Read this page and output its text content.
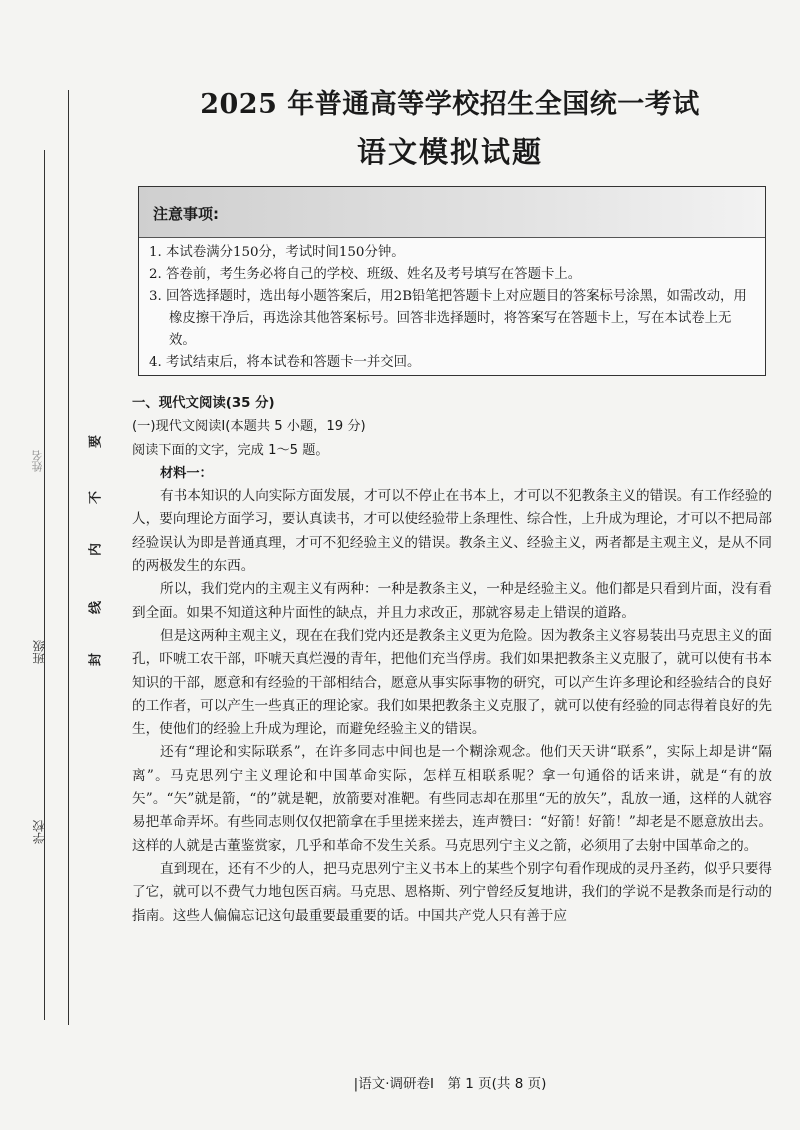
姓名
班级
学校
要
不
内
线
封
2025 年普通高等学校招生全国统一考试
语文模拟试题
注意事项:
1. 本试卷满分150分，考试时间150分钟。
2. 答卷前，考生务必将自己的学校、班级、姓名及考号填写在答题卡上。
3. 回答选择题时，选出每小题答案后，用2B铅笔把答题卡上对应题目的答案标号涂黑，如需改动，用橡皮擦干净后，再选涂其他答案标号。回答非选择题时，将答案写在答题卡上，写在本试卷上无效。
4. 考试结束后，将本试卷和答题卡一并交回。
一、现代文阅读(35 分)
(一)现代文阅读Ⅰ(本题共 5 小题，19 分)
阅读下面的文字，完成 1～5 题。
材料一：

有书本知识的人向实际方面发展，才可以不停止在书本上，才可以不犯教条主义的错误。有工作经验的人，要向理论方面学习，要认真读书，才可以使经验带上条理性、综合性，上升成为理论，才可以不把局部经验误认为即是普通真理，才可不犯经验主义的错误。教条主义、经验主义，两者都是主观主义，是从不同的两极发生的东西。

所以，我们党内的主观主义有两种：一种是教条主义，一种是经验主义。他们都是只看到片面，没有看到全面。如果不知道这种片面性的缺点，并且力求改正，那就容易走上错误的道路。

但是这两种主观主义，现在在我们党内还是教条主义更为危险。因为教条主义容易装出马克思主义的面孔，吓唬工农干部，吓唬天真烂漫的青年，把他们充当俘虏。我们如果把教条主义克服了，就可以使有书本知识的干部，愿意和有经验的干部相结合，愿意从事实际事物的研究，可以产生许多理论和经验结合的良好的工作者，可以产生一些真正的理论家。我们如果把教条主义克服了，就可以使有经验的同志得着良好的先生，使他们的经验上升成为理论，而避免经验主义的错误。

还有“理论和实际联系”，在许多同志中间也是一个糊涂观念。他们天天讲“联系”，实际上却是讲“隔离”。马克思列宁主义理论和中国革命实际，怎样互相联系呢？拿一句通俗的话来讲，就是“有的放矢”。“矢”就是箭，“的”就是靶，放箭要对准靶。有些同志却在那里“无的放矢”，乱放一通，这样的人就容易把革命弄坏。有些同志则仅仅把箭拿在手里搓来搓去，连声赞曰：“好箭！好箭！”却老是不愿意放出去。这样的人就是古董鉴赏家，几乎和革命不发生关系。马克思列宁主义之箭，必须用了去射中国革命之的。

直到现在，还有不少的人，把马克思列宁主义书本上的某些个别字句看作现成的灵丹圣药，似乎只要得了它，就可以不费气力地包医百病。马克思、恩格斯、列宁曾经反复地讲，我们的学说不是教条而是行动的指南。这些人偏偏忘记这句最重要最重要的话。中国共产党人只有善于应

|语文·调研卷Ⅰ　第 1 页(共 8 页)
